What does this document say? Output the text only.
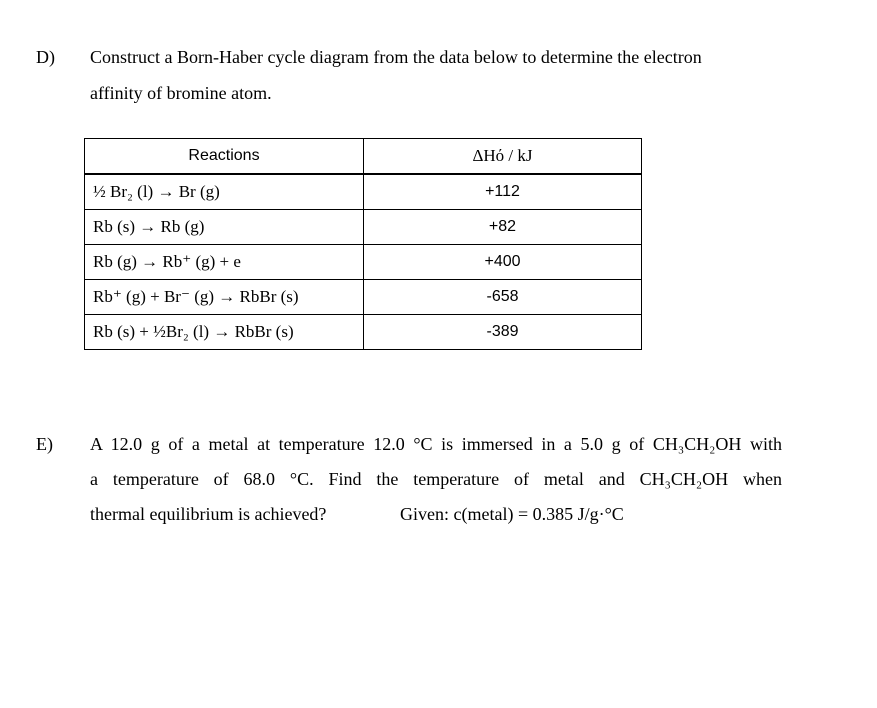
D) Construct a Born-Haber cycle diagram from the data below to determine the electron
affinity of bromine atom.
Reactions	ΔHό / kJ
½ Br₂ (l) → Br (g)	+112
Rb (s) → Rb (g)	+82
Rb (g) → Rb⁺ (g) + e	+400
Rb⁺ (g) + Br⁻ (g) → RbBr (s)	-658
Rb (s) + ½Br₂ (l) → RbBr (s)	-389
E) A 12.0 g of a metal at temperature 12.0 °C is immersed in a 5.0 g of CH₃CH₂OH with
a temperature of 68.0 °C. Find the temperature of metal and CH₃CH₂OH when
thermal equilibrium is achieved?	Given: c(metal) = 0.385 J/g·°C
